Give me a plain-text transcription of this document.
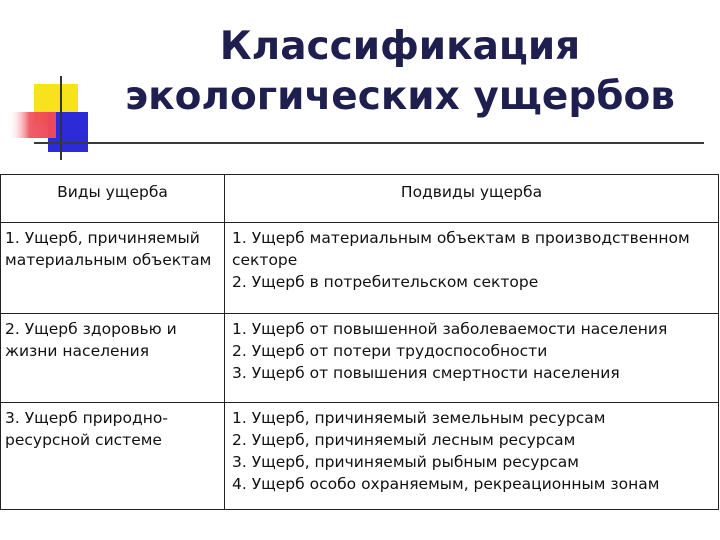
Классификация
экологических ущербов
Виды ущерба	Подвиды ущерба
1. Ущерб, причиняемый материальным объектам	1. Ущерб материальным объектам в производственном секторе
2. Ущерб в потребительском секторе

2. Ущерб здоровью и жизни населения	1. Ущерб от повышенной заболеваемости населения
2. Ущерб от потери трудоспособности
3. Ущерб от повышения смертности населения

3. Ущерб природно-ресурсной системе	1. Ущерб, причиняемый земельным ресурсам
2. Ущерб, причиняемый лесным ресурсам
3. Ущерб, причиняемый рыбным ресурсам
4. Ущерб особо охраняемым, рекреационным зонам
